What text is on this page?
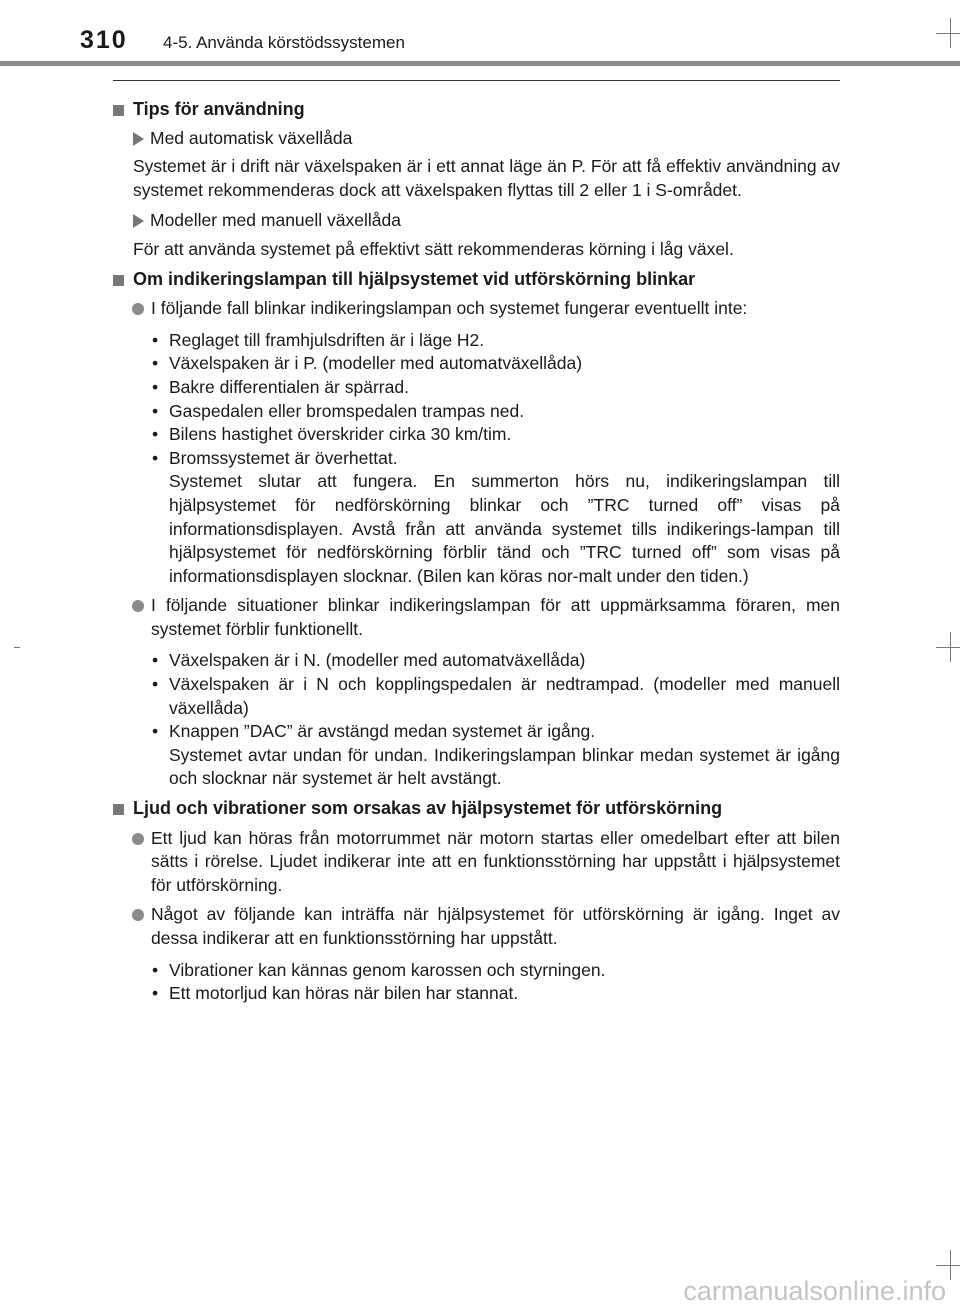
310 4-5. Använda körstödssystemen
Tips för användning
Med automatisk växellåda
Systemet är i drift när växelspaken är i ett annat läge än P. För att få effektiv användning av systemet rekommenderas dock att växelspaken flyttas till 2 eller 1 i S-området.
Modeller med manuell växellåda
För att använda systemet på effektivt sätt rekommenderas körning i låg växel.
Om indikeringslampan till hjälpsystemet vid utförskörning blinkar
I följande fall blinkar indikeringslampan och systemet fungerar eventuellt inte:
• Reglaget till framhjulsdriften är i läge H2.
• Växelspaken är i P. (modeller med automatväxellåda)
• Bakre differentialen är spärrad.
• Gaspedalen eller bromspedalen trampas ned.
• Bilens hastighet överskrider cirka 30 km/tim.
• Bromssystemet är överhettat.
Systemet slutar att fungera. En summerton hörs nu, indikeringslampan till hjälpsystemet för nedförskörning blinkar och ”TRC turned off” visas på informationsdisplayen. Avstå från att använda systemet tills indikerings-lampan till hjälpsystemet för nedförskörning förblir tänd och ”TRC turned off” som visas på informationsdisplayen slocknar. (Bilen kan köras nor-malt under den tiden.)
I följande situationer blinkar indikeringslampan för att uppmärksamma föraren, men systemet förblir funktionellt.
• Växelspaken är i N. (modeller med automatväxellåda)
• Växelspaken är i N och kopplingspedalen är nedtrampad. (modeller med manuell växellåda)
• Knappen ”DAC” är avstängd medan systemet är igång.
Systemet avtar undan för undan. Indikeringslampan blinkar medan systemet är igång och slocknar när systemet är helt avstängt.
Ljud och vibrationer som orsakas av hjälpsystemet för utförskörning
Ett ljud kan höras från motorrummet när motorn startas eller omedelbart efter att bilen sätts i rörelse. Ljudet indikerar inte att en funktionsstörning har uppstått i hjälpsystemet för utförskörning.
Något av följande kan inträffa när hjälpsystemet för utförskörning är igång. Inget av dessa indikerar att en funktionsstörning har uppstått.
• Vibrationer kan kännas genom karossen och styrningen.
• Ett motorljud kan höras när bilen har stannat.
carmanualsonline.info
